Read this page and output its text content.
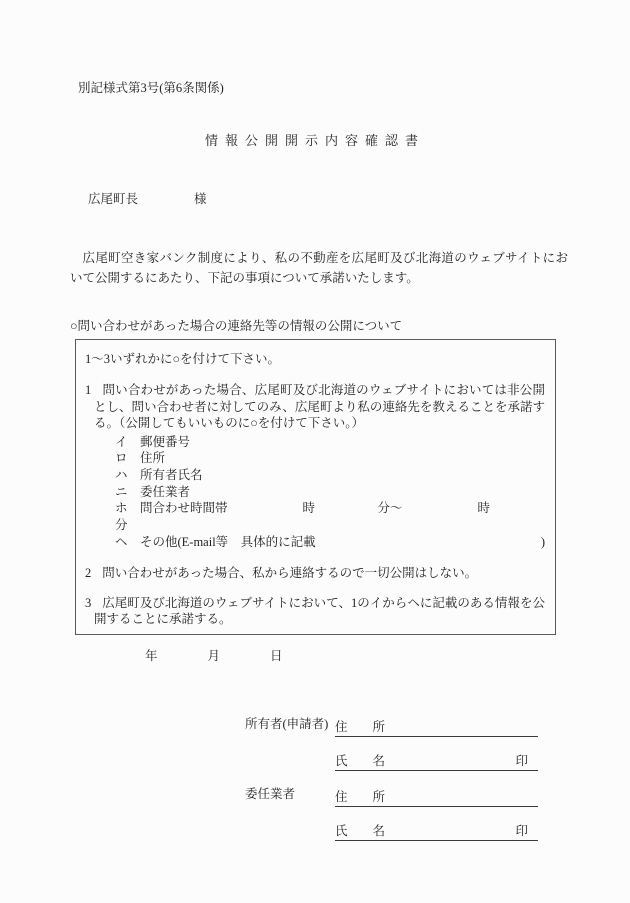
別記様式第3号(第6条関係)
情報公開開示内容確認書
広尾町長	様
広尾町空き家バンク制度により、私の不動産を広尾町及び北海道のウェブサイトにおいて公開するにあたり、下記の事項について承諾いたします。
○問い合わせがあった場合の連絡先等の情報の公開について
1～3いずれかに○を付けて下さい。
1 問い合わせがあった場合、広尾町及び北海道のウェブサイトにおいては非公開とし、問い合わせ者に対してのみ、広尾町より私の連絡先を教えることを承諾する。（公開してもいいものに○を付けて下さい。）
イ　郵便番号
ロ　住所
ハ　所有者氏名
ニ　委任業者
ホ　問合わせ時間帯　　　　　　時　　　　　分～　　　　　　時　　　　　分
ヘ　その他(E-mail等　具体的に記載	)
2 問い合わせがあった場合、私から連絡するので一切公開はしない。
3 広尾町及び北海道のウェブサイトにおいて、1のイからヘに記載のある情報を公開することに承諾する。
年　　　　月　　　　日
所有者(申請者) 住　　所
氏　　名	印
委任業者	住　　所
氏　　名	印
